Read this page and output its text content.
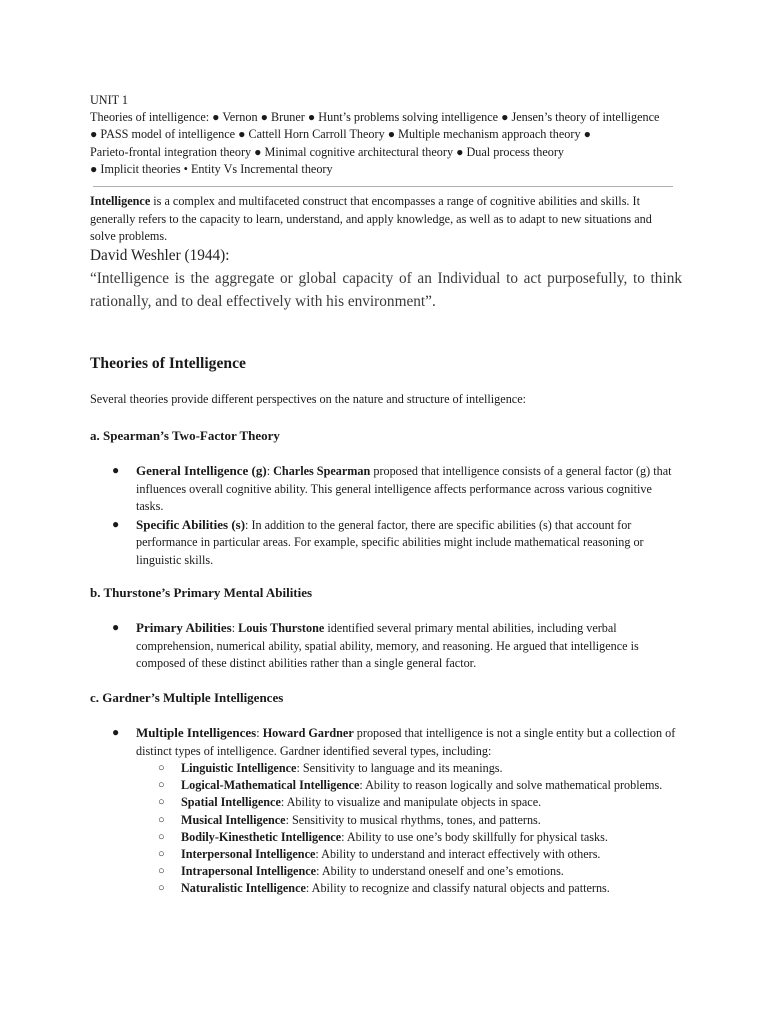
UNIT 1
Theories of intelligence: ● Vernon ● Bruner ● Hunt’s problems solving intelligence ● Jensen’s theory of intelligence
● PASS model of intelligence ● Cattell Horn Carroll Theory ● Multiple mechanism approach theory ●
Parieto-frontal integration theory ● Minimal cognitive architectural theory ● Dual process theory
● Implicit theories • Entity Vs Incremental theory
Intelligence is a complex and multifaceted construct that encompasses a range of cognitive abilities and skills. It generally refers to the capacity to learn, understand, and apply knowledge, as well as to adapt to new situations and solve problems.
David Weshler (1944):
“Intelligence is the aggregate or global capacity of an Individual to act purposefully, to think rationally, and to deal effectively with his environment”.
Theories of Intelligence
Several theories provide different perspectives on the nature and structure of intelligence:
a. Spearman’s Two-Factor Theory
● General Intelligence (g): Charles Spearman proposed that intelligence consists of a general factor (g) that influences overall cognitive ability. This general intelligence affects performance across various cognitive tasks.
● Specific Abilities (s): In addition to the general factor, there are specific abilities (s) that account for performance in particular areas. For example, specific abilities might include mathematical reasoning or linguistic skills.
b. Thurstone’s Primary Mental Abilities
● Primary Abilities: Louis Thurstone identified several primary mental abilities, including verbal comprehension, numerical ability, spatial ability, memory, and reasoning. He argued that intelligence is composed of these distinct abilities rather than a single general factor.
c. Gardner’s Multiple Intelligences
● Multiple Intelligences: Howard Gardner proposed that intelligence is not a single entity but a collection of distinct types of intelligence. Gardner identified several types, including:
○ Linguistic Intelligence: Sensitivity to language and its meanings.
○ Logical-Mathematical Intelligence: Ability to reason logically and solve mathematical problems.
○ Spatial Intelligence: Ability to visualize and manipulate objects in space.
○ Musical Intelligence: Sensitivity to musical rhythms, tones, and patterns.
○ Bodily-Kinesthetic Intelligence: Ability to use one’s body skillfully for physical tasks.
○ Interpersonal Intelligence: Ability to understand and interact effectively with others.
○ Intrapersonal Intelligence: Ability to understand oneself and one’s emotions.
○ Naturalistic Intelligence: Ability to recognize and classify natural objects and patterns.
